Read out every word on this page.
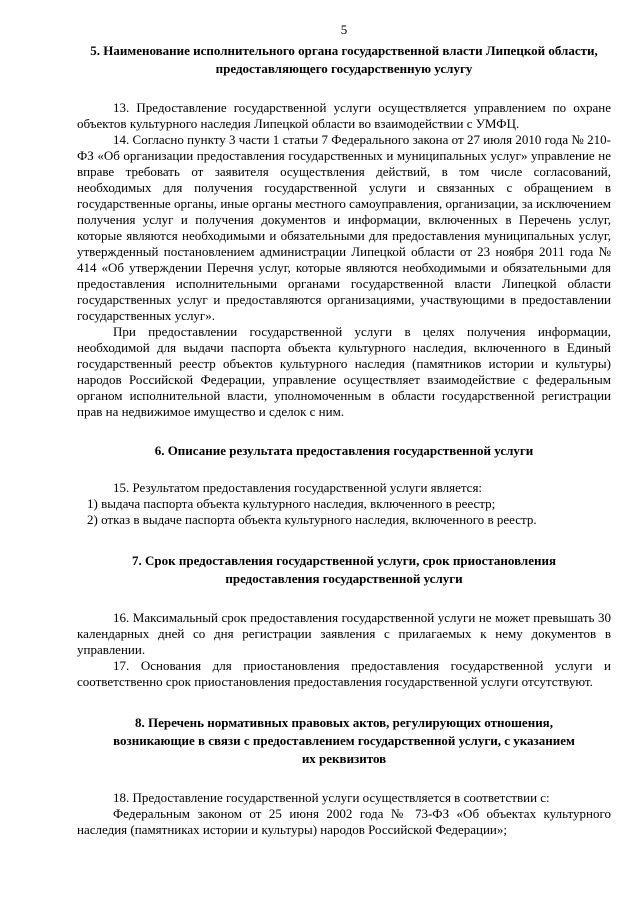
5
5. Наименование исполнительного органа государственной власти Липецкой области, предоставляющего государственную услугу

13. Предоставление государственной услуги осуществляется управлением по охране объектов культурного наследия Липецкой области во взаимодействии с УМФЦ.

14. Согласно пункту 3 части 1 статьи 7 Федерального закона от 27 июля 2010 года № 210-ФЗ «Об организации предоставления государственных и муниципальных услуг» управление не вправе требовать от заявителя осуществления действий, в том числе согласований, необходимых для получения государственной услуги и связанных с обращением в государственные органы, иные органы местного самоуправления, организации, за исключением получения услуг и получения документов и информации, включенных в Перечень услуг, которые являются необходимыми и обязательными для предоставления муниципальных услуг, утвержденный постановлением администрации Липецкой области от 23 ноября 2011 года № 414 «Об утверждении Перечня услуг, которые являются необходимыми и обязательными для предоставления исполнительными органами государственной власти Липецкой области государственных услуг и предоставляются организациями, участвующими в предоставлении государственных услуг».

При предоставлении государственной услуги в целях получения информации, необходимой для выдачи паспорта объекта культурного наследия, включенного в Единый государственный реестр объектов культурного наследия (памятников истории и культуры) народов Российской Федерации, управление осуществляет взаимодействие с федеральным органом исполнительной власти, уполномоченным в области государственной регистрации прав на недвижимое имущество и сделок с ним.

6. Описание результата предоставления государственной услуги

15. Результатом предоставления государственной услуги является:

1) выдача паспорта объекта культурного наследия, включенного в реестр;

2) отказ в выдаче паспорта объекта культурного наследия, включенного в реестр.

7. Срок предоставления государственной услуги, срок приостановления предоставления государственной услуги

16. Максимальный срок предоставления государственной услуги не может превышать 30 календарных дней со дня регистрации заявления с прилагаемых к нему документов в управлении.

17. Основания для приостановления предоставления государственной услуги и соответственно срок приостановления предоставления государственной услуги отсутствуют.

8. Перечень нормативных правовых актов, регулирующих отношения, возникающие в связи с предоставлением государственной услуги, с указанием их реквизитов

18. Предоставление государственной услуги осуществляется в соответствии с:

Федеральным законом от 25 июня 2002 года № 73-ФЗ «Об объектах культурного наследия (памятниках истории и культуры) народов Российской Федерации»;
